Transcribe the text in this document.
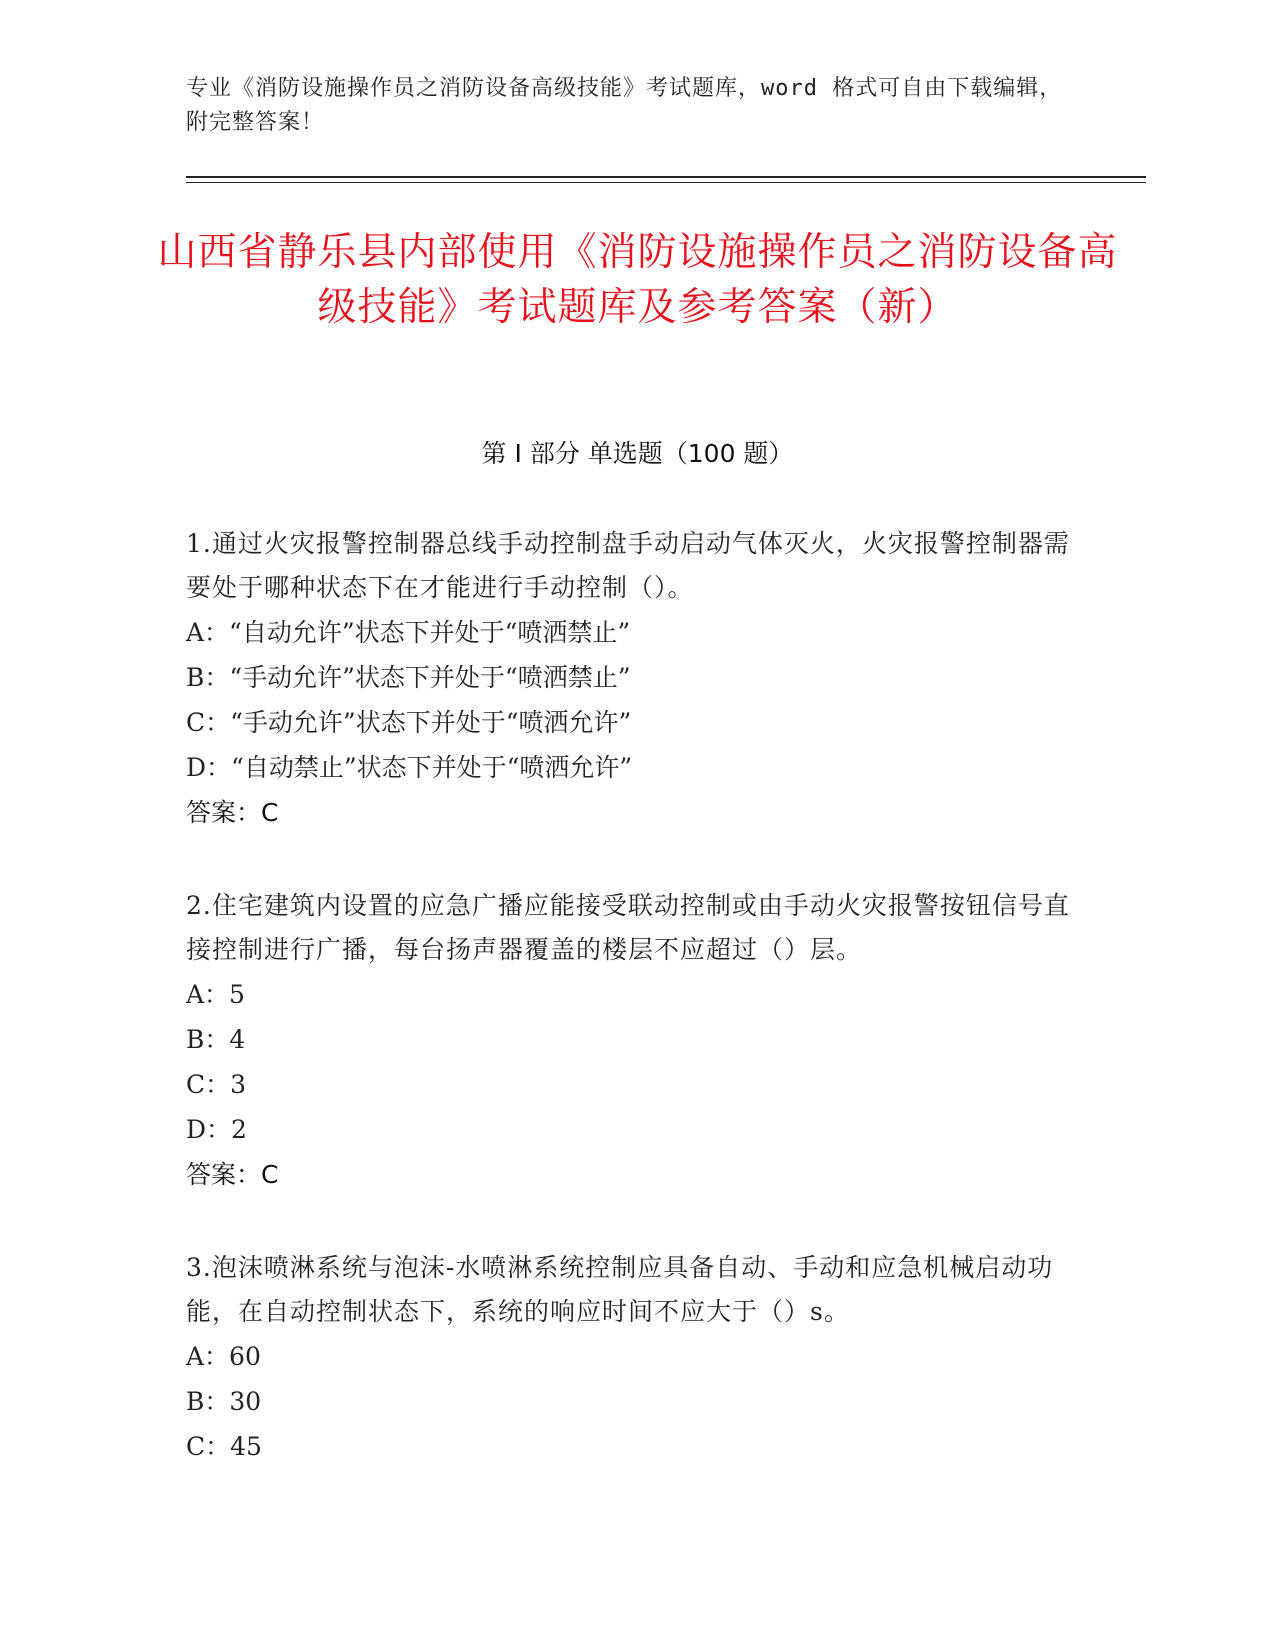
专业《消防设施操作员之消防设备高级技能》考试题库，word 格式可自由下载编辑，附完整答案！
山西省静乐县内部使用《消防设施操作员之消防设备高级技能》考试题库及参考答案（新）
第 I 部分 单选题（100 题）
1.通过火灾报警控制器总线手动控制盘手动启动气体灭火，火灾报警控制器需要处于哪种状态下在才能进行手动控制（）。
A：“自动允许”状态下并处于“喷洒禁止”
B：“手动允许”状态下并处于“喷洒禁止”
C：“手动允许”状态下并处于“喷洒允许”
D：“自动禁止”状态下并处于“喷洒允许”
答案：C
2.住宅建筑内设置的应急广播应能接受联动控制或由手动火灾报警按钮信号直接控制进行广播，每台扬声器覆盖的楼层不应超过（）层。
A：5
B：4
C：3
D：2
答案：C
3.泡沫喷淋系统与泡沫-水喷淋系统控制应具备自动、手动和应急机械启动功能，在自动控制状态下，系统的响应时间不应大于（）s。
A：60
B：30
C：45
